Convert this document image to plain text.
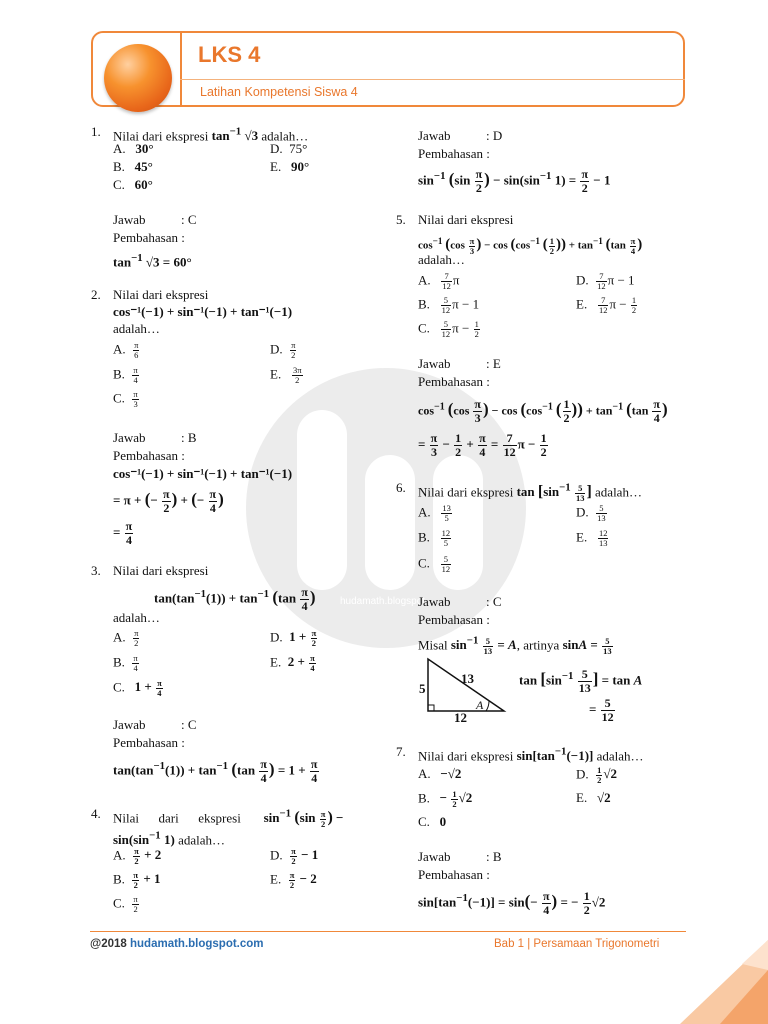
hudamath.blogspot
LKS 4
Latihan Kompetensi Siswa 4
1. Nilai dari ekspresi $\tan^{-1} √3$ adalah…
A.   30°
B.   45°
C.   60°
D.  75°
E.   90°
Jawab	: C
Pembahasan :
$\tan^{-1} √3 = 60^\circ$
2. Nilai dari ekspresi
cos⁻¹(−1) + sin⁻¹(−1) + tan⁻¹(−1)
adalah…
A. $\frac{\pi}{6}$
B. $\frac{\pi}{4}$
C. $\frac{\pi}{3}$
D. $\frac{\pi}{2}$
E. $\frac{3\pi}{2}$
Jawab	: B
Pembahasan :
cos⁻¹(−1) + sin⁻¹(−1) + tan⁻¹(−1)
= π + (− $\frac{\pi}{2}$ ) + (− $\frac{\pi}{4}$ )
= $\frac{\pi}{4}$
3. Nilai dari ekspresi
$\tan(\tan^{-1}(1)) + \tan^{-1} (\tan \frac{\pi}{4}$ )
adalah…
A. $\frac{\pi}{2}$
B. $\frac{\pi}{4}$
C.   $1 + \frac{\pi}{4}$
D.  $1 + \frac{\pi}{2}$
E.  $2 + \frac{\pi}{4}$
Jawab	: C
Pembahasan :
$\tan(\tan^{-1}(1)) + \tan^{-1} (\tan \frac{\pi}{4}$ ) = $1 + \frac{\pi}{4}$
4. Nilai      dari      ekspresi       $\sin^{-1} (\sin \frac{\pi}{2}$ ) −
$\sin(\sin^{-1}$ 1) adalah…
A. $\frac{\pi}{2} + 2$
B. $\frac{\pi}{2} + 1$
C. $\frac{\pi}{2}$
D. $\frac{\pi}{2} - 1$
E. $\frac{\pi}{2} - 2$
Jawab	: D
Pembahasan :
$\sin^{-1} (\sin \frac{\pi}{2}$ ) − $\sin(\sin^{-1}$ $1) = \frac{\pi}{2} - 1$
5. Nilai dari ekspresi
$\cos^{-1} (\cos \frac{\pi}{3}$ ) − $\cos (\cos^{-1}$ ( $\frac{1}{2}$ )) + $\tan^{-1} (\tan \frac{\pi}{4}$ )
adalah…
A. $\frac{7}{12}$ π
B. $\frac{5}{12}$ π − 1
C. $\frac{5}{12}$ $\pi - \frac{1}{2}$
D. $\frac{7}{12}$ π − 1
E. $\frac{7}{12}$ $\pi - \frac{1}{2}$
Jawab	: E
Pembahasan :
$\cos^{-1} (\cos \frac{\pi}{3}$ ) − $\cos (\cos^{-1}$ ( $\frac{1}{2}$ )) + $\tan^{-1} (\tan \frac{\pi}{4}$ )
= $\frac{\pi}{3} - \frac{1}{2} + \frac{\pi}{4} = \frac{7}{12}$ $\pi - \frac{1}{2}$
6. Nilai dari ekspresi $\tan [\sin^{-1} \frac{5}{13}$ ] adalah…
A. $\frac{13}{5}$
B. $\frac{12}{5}$
C. $\frac{5}{12}$
D. $\frac{5}{13}$
E. $\frac{12}{13}$
Jawab	: C
Pembahasan :
Misal $\sin^{-1} \frac{5}{13} = A$, artinya $\sin A = \frac{5}{13}$
5
13
12
A
$\tan [\sin^{-1} \frac{5}{13}$ ] = tan A
= $\frac{5}{12}$
7. Nilai dari ekspresi $\sin[\tan^{-1}(-1)]$ adalah…
A.   −√2
B.   − $\frac{1}{2} √2$
C.   0
D. $\frac{1}{2} √2$
E.   √2
Jawab	: B
Pembahasan :
$\sin[\tan^{-1}(-1)] = \sin(- \frac{\pi}{4}$ ) = − $\frac{1}{2} √2$
@2018 hudamath.blogspot.com	Bab 1 | Persamaan Trigonometri
